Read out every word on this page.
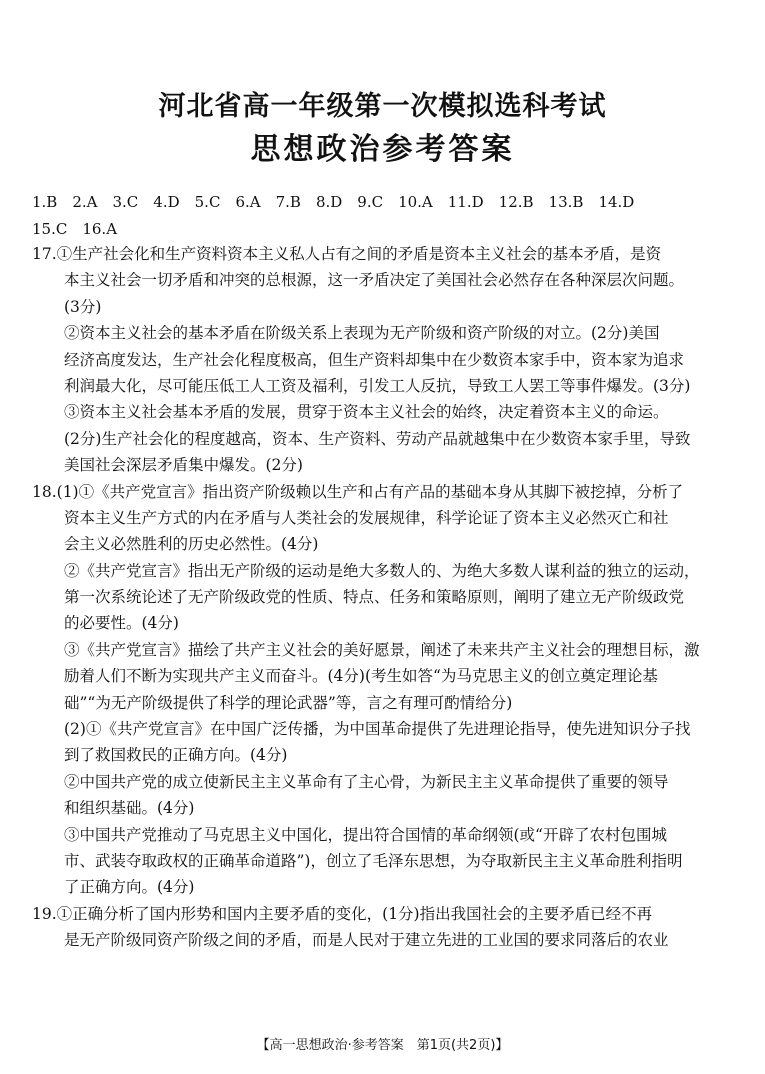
河北省高一年级第一次模拟选科考试
思想政治参考答案
1.B 2.A 3.C 4.D 5.C 6.A 7.B 8.D 9.C 10.A 11.D 12.B 13.B 14.D
15.C 16.A
17.①生产社会化和生产资料资本主义私人占有之间的矛盾是资本主义社会的基本矛盾，是资
本主义社会一切矛盾和冲突的总根源，这一矛盾决定了美国社会必然存在各种深层次问题。
(3分)
②资本主义社会的基本矛盾在阶级关系上表现为无产阶级和资产阶级的对立。(2分)美国
经济高度发达，生产社会化程度极高，但生产资料却集中在少数资本家手中，资本家为追求
利润最大化，尽可能压低工人工资及福利，引发工人反抗，导致工人罢工等事件爆发。(3分)
③资本主义社会基本矛盾的发展，贯穿于资本主义社会的始终，决定着资本主义的命运。
(2分)生产社会化的程度越高，资本、生产资料、劳动产品就越集中在少数资本家手里，导致
美国社会深层矛盾集中爆发。(2分)
18.(1)①《共产党宣言》指出资产阶级赖以生产和占有产品的基础本身从其脚下被挖掉，分析了
资本主义生产方式的内在矛盾与人类社会的发展规律，科学论证了资本主义必然灭亡和社
会主义必然胜利的历史必然性。(4分)
②《共产党宣言》指出无产阶级的运动是绝大多数人的、为绝大多数人谋利益的独立的运动，
第一次系统论述了无产阶级政党的性质、特点、任务和策略原则，阐明了建立无产阶级政党
的必要性。(4分)
③《共产党宣言》描绘了共产主义社会的美好愿景，阐述了未来共产主义社会的理想目标，激
励着人们不断为实现共产主义而奋斗。(4分)(考生如答“为马克思主义的创立奠定理论基
础”“为无产阶级提供了科学的理论武器”等，言之有理可酌情给分)
(2)①《共产党宣言》在中国广泛传播，为中国革命提供了先进理论指导，使先进知识分子找
到了救国救民的正确方向。(4分)
②中国共产党的成立使新民主主义革命有了主心骨，为新民主主义革命提供了重要的领导
和组织基础。(4分)
③中国共产党推动了马克思主义中国化，提出符合国情的革命纲领(或“开辟了农村包围城
市、武装夺取政权的正确革命道路”)，创立了毛泽东思想，为夺取新民主主义革命胜利指明
了正确方向。(4分)
19.①正确分析了国内形势和国内主要矛盾的变化，(1分)指出我国社会的主要矛盾已经不再
是无产阶级同资产阶级之间的矛盾，而是人民对于建立先进的工业国的要求同落后的农业
【高一思想政治·参考答案　第1页(共2页)】
